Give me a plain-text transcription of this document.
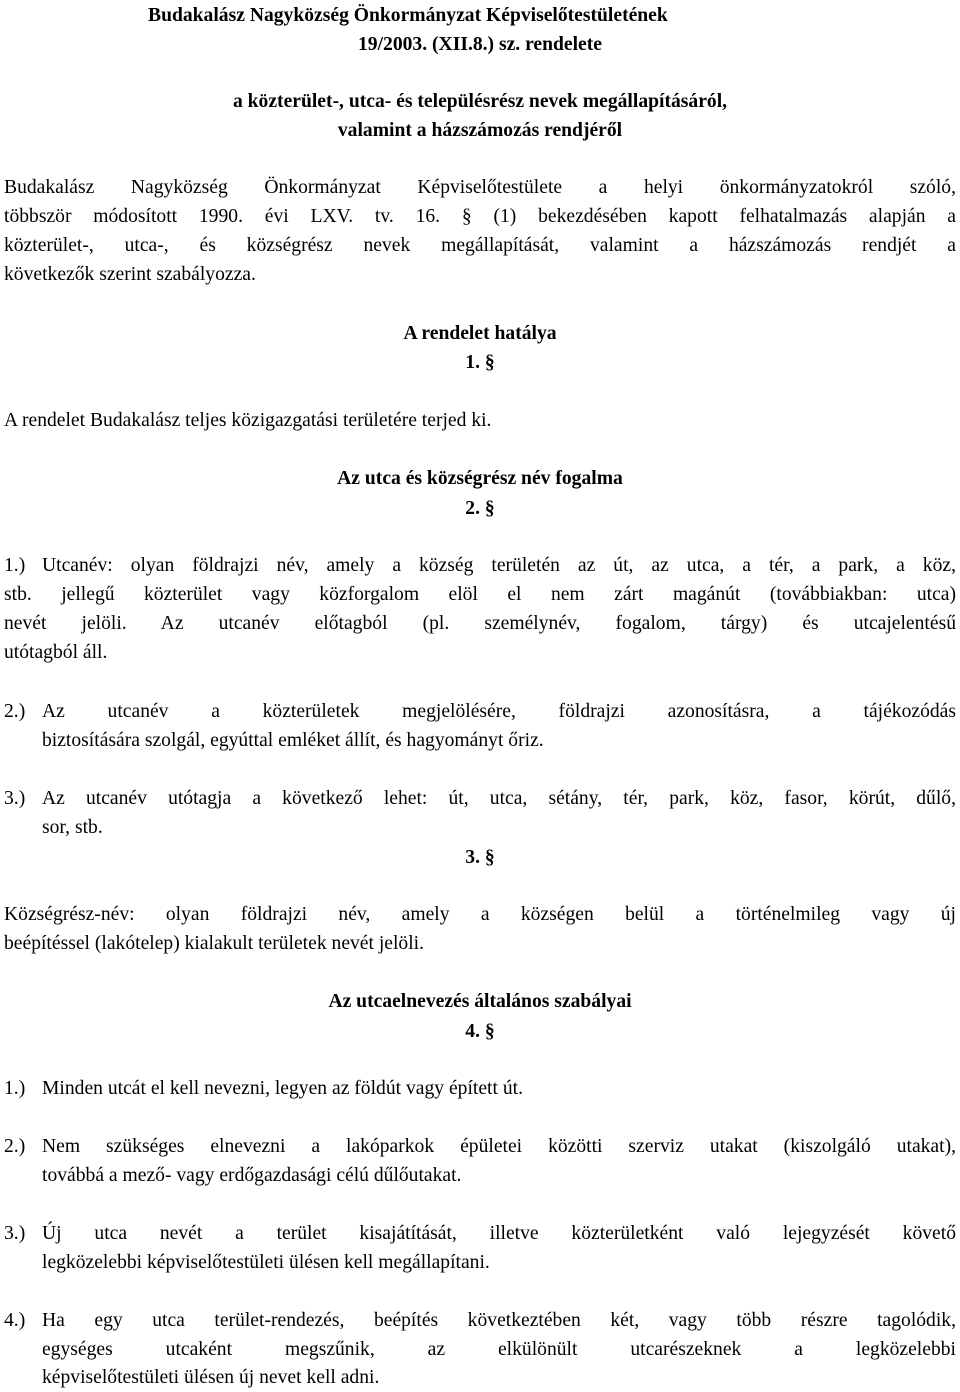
Budakalász Nagyközség Önkormányzat Képviselőtestületének
19/2003. (XII.8.) sz. rendelete
a közterület-, utca- és településrész nevek megállapításáról,
valamint a házszámozás rendjéről
Budakalász Nagyközség Önkormányzat Képviselőtestülete a helyi önkormányzatokról szóló,
többször módosított 1990. évi LXV. tv. 16. § (1) bekezdésében kapott felhatalmazás alapján a
közterület-, utca-, és községrész nevek megállapítását, valamint a házszámozás rendjét a
következők szerint szabályozza.
A rendelet hatálya
1. §
A rendelet Budakalász teljes közigazgatási területére terjed ki.
Az utca és községrész név fogalma
2. §
1.) Utcanév: olyan földrajzi név, amely a község területén az út, az utca, a tér, a park, a köz,
stb. jellegű közterület vagy közforgalom elöl el nem zárt magánút (továbbiakban: utca)
nevét jelöli. Az utcanév előtagból (pl. személynév, fogalom, tárgy) és utcajelentésű
utótagból áll.
2.) Az utcanév a közterületek megjelölésére, földrajzi azonosításra, a tájékozódás
biztosítására szolgál, egyúttal emléket állít, és hagyományt őriz.
3.) Az utcanév utótagja a következő lehet: út, utca, sétány, tér, park, köz, fasor, körút, dűlő,
sor, stb.
3. §
Községrész-név: olyan földrajzi név, amely a községen belül a történelmileg vagy új
beépítéssel (lakótelep) kialakult területek nevét jelöli.
Az utcaelnevezés általános szabályai
4. §
1.) Minden utcát el kell nevezni, legyen az földút vagy épített út.
2.) Nem szükséges elnevezni a lakóparkok épületei közötti szerviz utakat (kiszolgáló utakat),
továbbá a mező- vagy erdőgazdasági célú dűlőutakat.
3.) Új utca nevét a terület kisajátítását, illetve közterületként való lejegyzését követő
legközelebbi képviselőtestületi ülésen kell megállapítani.
4.) Ha egy utca terület-rendezés, beépítés következtében két, vagy több részre tagolódik,
egységes utcaként megszűnik, az elkülönült utcarészeknek a legközelebbi
képviselőtestületi ülésen új nevet kell adni.
